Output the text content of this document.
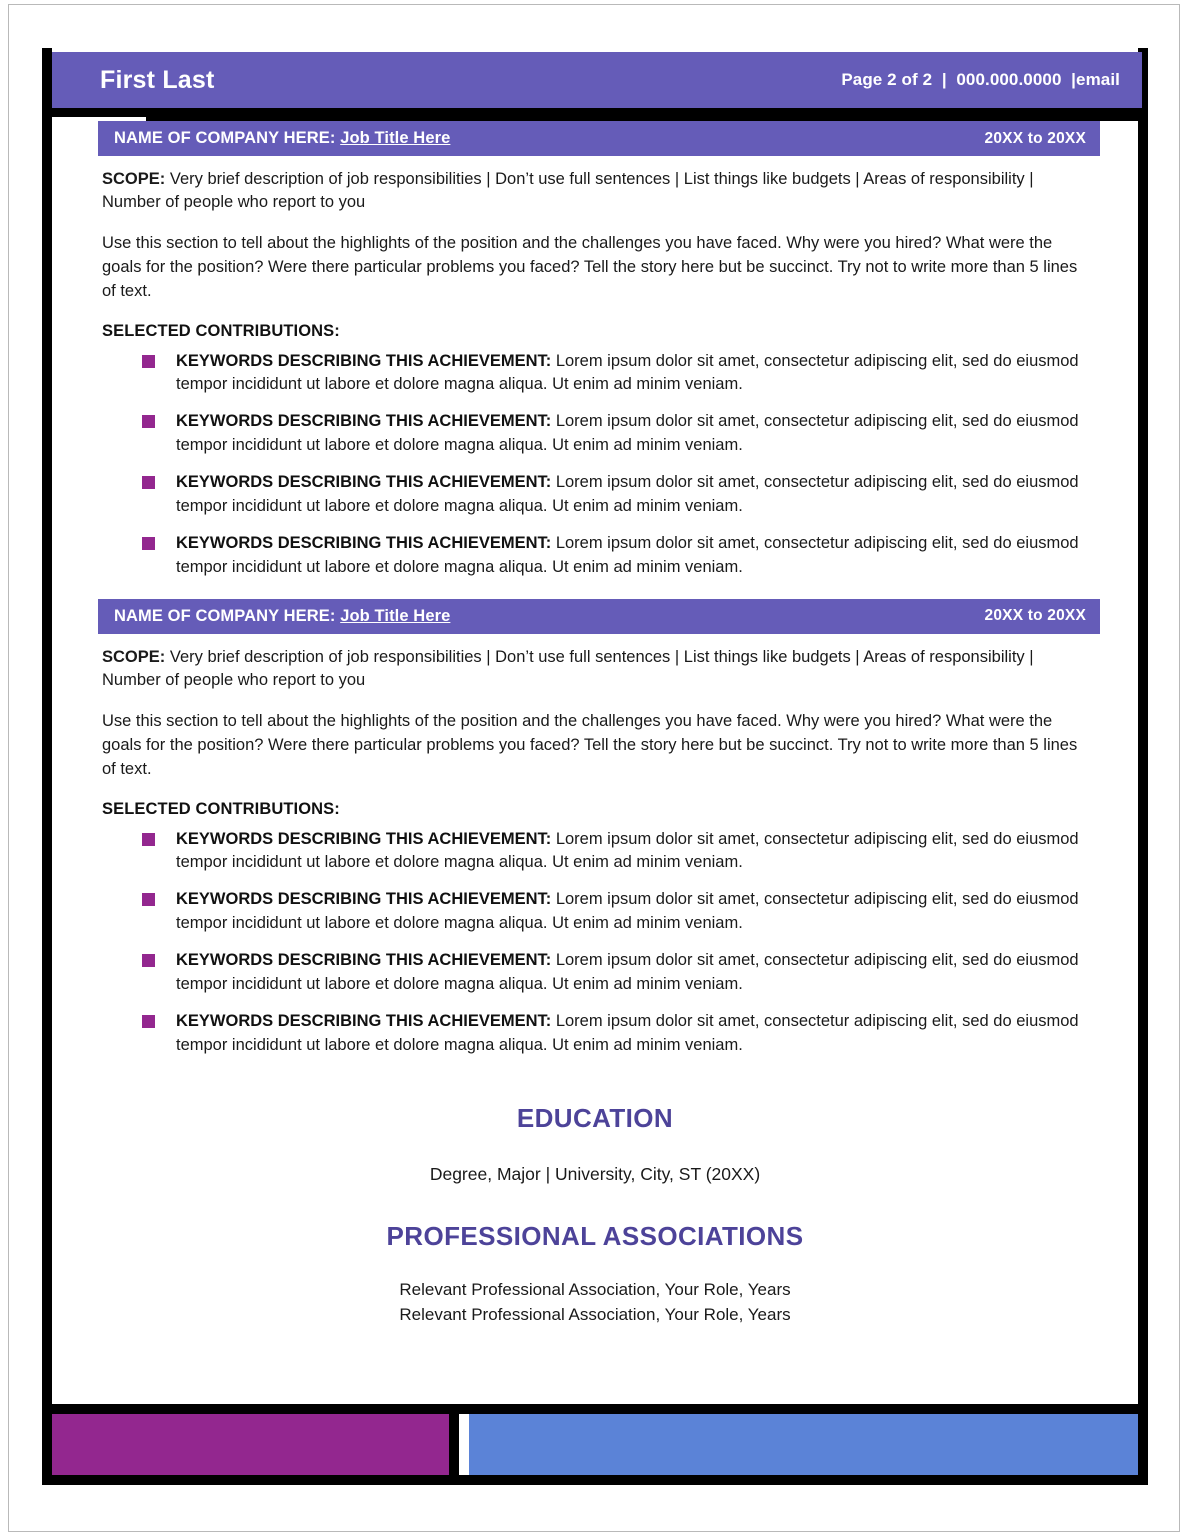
First Last	Page 2 of 2  |  000.000.0000  |email
NAME OF COMPANY HERE: Job Title Here	20XX to 20XX
SCOPE: Very brief description of job responsibilities | Don’t use full sentences | List things like budgets | Areas of responsibility | Number of people who report to you
Use this section to tell about the highlights of the position and the challenges you have faced. Why were you hired? What were the goals for the position? Were there particular problems you faced? Tell the story here but be succinct. Try not to write more than 5 lines of text.
SELECTED CONTRIBUTIONS:
KEYWORDS DESCRIBING THIS ACHIEVEMENT: Lorem ipsum dolor sit amet, consectetur adipiscing elit, sed do eiusmod tempor incididunt ut labore et dolore magna aliqua. Ut enim ad minim veniam.
KEYWORDS DESCRIBING THIS ACHIEVEMENT: Lorem ipsum dolor sit amet, consectetur adipiscing elit, sed do eiusmod tempor incididunt ut labore et dolore magna aliqua. Ut enim ad minim veniam.
KEYWORDS DESCRIBING THIS ACHIEVEMENT: Lorem ipsum dolor sit amet, consectetur adipiscing elit, sed do eiusmod tempor incididunt ut labore et dolore magna aliqua. Ut enim ad minim veniam.
KEYWORDS DESCRIBING THIS ACHIEVEMENT: Lorem ipsum dolor sit amet, consectetur adipiscing elit, sed do eiusmod tempor incididunt ut labore et dolore magna aliqua. Ut enim ad minim veniam.
NAME OF COMPANY HERE: Job Title Here	20XX to 20XX
SCOPE: Very brief description of job responsibilities | Don’t use full sentences | List things like budgets | Areas of responsibility | Number of people who report to you
Use this section to tell about the highlights of the position and the challenges you have faced. Why were you hired? What were the goals for the position? Were there particular problems you faced? Tell the story here but be succinct. Try not to write more than 5 lines of text.
SELECTED CONTRIBUTIONS:
KEYWORDS DESCRIBING THIS ACHIEVEMENT: Lorem ipsum dolor sit amet, consectetur adipiscing elit, sed do eiusmod tempor incididunt ut labore et dolore magna aliqua. Ut enim ad minim veniam.
KEYWORDS DESCRIBING THIS ACHIEVEMENT: Lorem ipsum dolor sit amet, consectetur adipiscing elit, sed do eiusmod tempor incididunt ut labore et dolore magna aliqua. Ut enim ad minim veniam.
KEYWORDS DESCRIBING THIS ACHIEVEMENT: Lorem ipsum dolor sit amet, consectetur adipiscing elit, sed do eiusmod tempor incididunt ut labore et dolore magna aliqua. Ut enim ad minim veniam.
KEYWORDS DESCRIBING THIS ACHIEVEMENT: Lorem ipsum dolor sit amet, consectetur adipiscing elit, sed do eiusmod tempor incididunt ut labore et dolore magna aliqua. Ut enim ad minim veniam.
EDUCATION
Degree, Major | University, City, ST (20XX)
PROFESSIONAL ASSOCIATIONS
Relevant Professional Association, Your Role, Years
Relevant Professional Association, Your Role, Years
